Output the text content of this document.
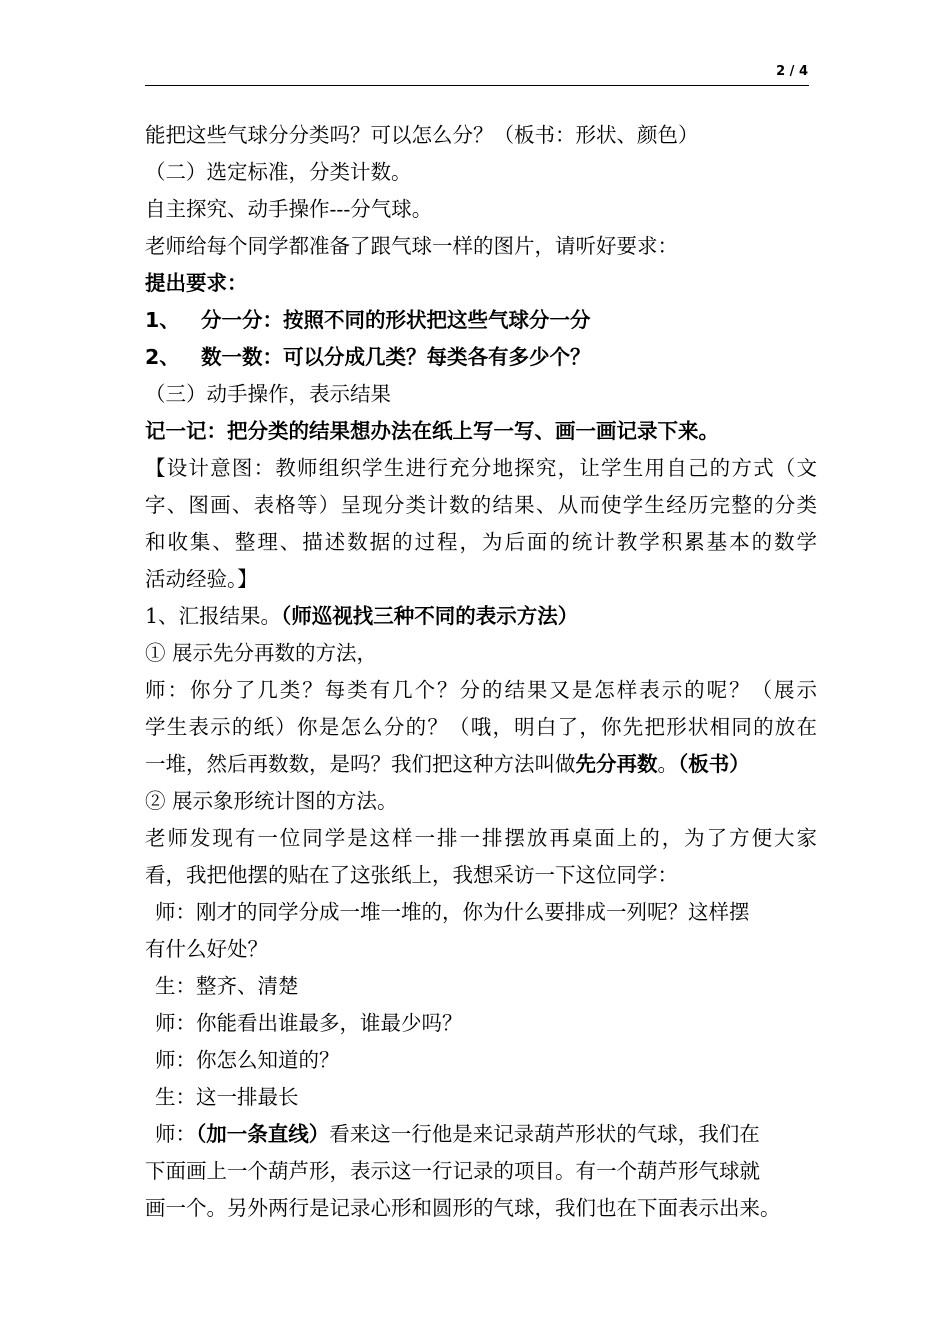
2 / 4
能把这些气球分分类吗？可以怎么分？（板书：形状、颜色）
（二）选定标准，分类计数。
自主探究、动手操作---分气球。
老师给每个同学都准备了跟气球一样的图片，请听好要求：
提出要求：
1、 分一分：按照不同的形状把这些气球分一分
2、 数一数：可以分成几类？每类各有多少个？
（三）动手操作，表示结果
记一记：把分类的结果想办法在纸上写一写、画一画记录下来。
【设计意图：教师组织学生进行充分地探究，让学生用自己的方式（文
字、图画、表格等）呈现分类计数的结果、从而使学生经历完整的分类
和收集、整理、描述数据的过程，为后面的统计教学积累基本的数学
活动经验。】
1、汇报结果。（师巡视找三种不同的表示方法）
① 展示先分再数的方法，
师：你分了几类？每类有几个？分的结果又是怎样表示的呢？（展示
学生表示的纸）你是怎么分的？（哦，明白了，你先把形状相同的放在
一堆，然后再数数，是吗？我们把这种方法叫做先分再数。（板书）
② 展示象形统计图的方法。
老师发现有一位同学是这样一排一排摆放再桌面上的，为了方便大家
看，我把他摆的贴在了这张纸上，我想采访一下这位同学：
师：刚才的同学分成一堆一堆的，你为什么要排成一列呢？这样摆
有什么好处？
生：整齐、清楚
师：你能看出谁最多，谁最少吗？
师：你怎么知道的？
生：这一排最长
师：（加一条直线）看来这一行他是来记录葫芦形状的气球，我们在
下面画上一个葫芦形，表示这一行记录的项目。有一个葫芦形气球就
画一个。另外两行是记录心形和圆形的气球，我们也在下面表示出来。
